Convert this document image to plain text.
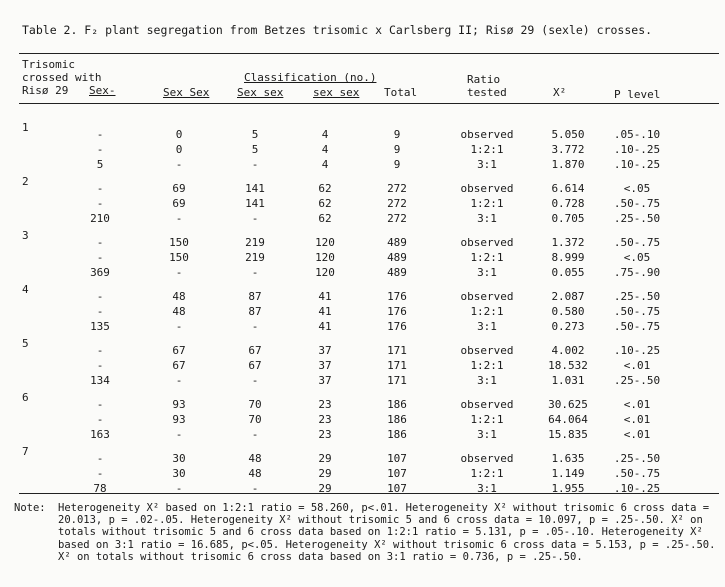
Table 2. F₂ plant segregation from Betzes trisomic x Carlsberg II; Risø 29 (sexle) crosses.
Trisomic
crossed with
Risø 29 Sex-
Classification (no.)
Sex Sex	Sex sex	sex sex Total
Ratio
tested	X²	P level
1
-	0	5	4	9	observed	5.050	.05-.10
-	0	5	4	9	1:2:1	3.772	.10-.25
5	-	-	4	9	3:1	1.870	.10-.25
2
-	69	141	62	272	observed	6.614	<.05
-	69	141	62	272	1:2:1	0.728	.50-.75
210	-	-	62	272	3:1	0.705	.25-.50
3
-	150	219	120	489	observed	1.372	.50-.75
-	150	219	120	489	1:2:1	8.999	<.05
369	-	-	120	489	3:1	0.055	.75-.90
4
-	48	87	41	176	observed	2.087	.25-.50
-	48	87	41	176	1:2:1	0.580	.50-.75
135	-	-	41	176	3:1	0.273	.50-.75
5
-	67	67	37	171	observed	4.002	.10-.25
-	67	67	37	171	1:2:1	18.532	<.01
134	-	-	37	171	3:1	1.031	.25-.50
6
-	93	70	23	186	observed	30.625	<.01
-	93	70	23	186	1:2:1	64.064	<.01
163	-	-	23	186	3:1	15.835	<.01
7
-	30	48	29	107	observed	1.635	.25-.50
-	30	48	29	107	1:2:1	1.149	.50-.75
78	-	-	29	107	3:1	1.955	.10-.25
Note: Heterogeneity X² based on 1:2:1 ratio = 58.260, p<.01. Heterogeneity X² without trisomic 6 cross data = 20.013, p = .02-.05. Heterogeneity X² without trisomic 5 and 6 cross data = 10.097, p = .25-.50. X² on totals without trisomic 5 and 6 cross data based on 1:2:1 ratio = 5.131, p = .05-.10. Heterogeneity X² based on 3:1 ratio = 16.685, p<.05. Heterogeneity X² without trisomic 6 cross data = 5.153, p = .25-.50. X² on totals without trisomic 6 cross data based on 3:1 ratio = 0.736, p = .25-.50.
